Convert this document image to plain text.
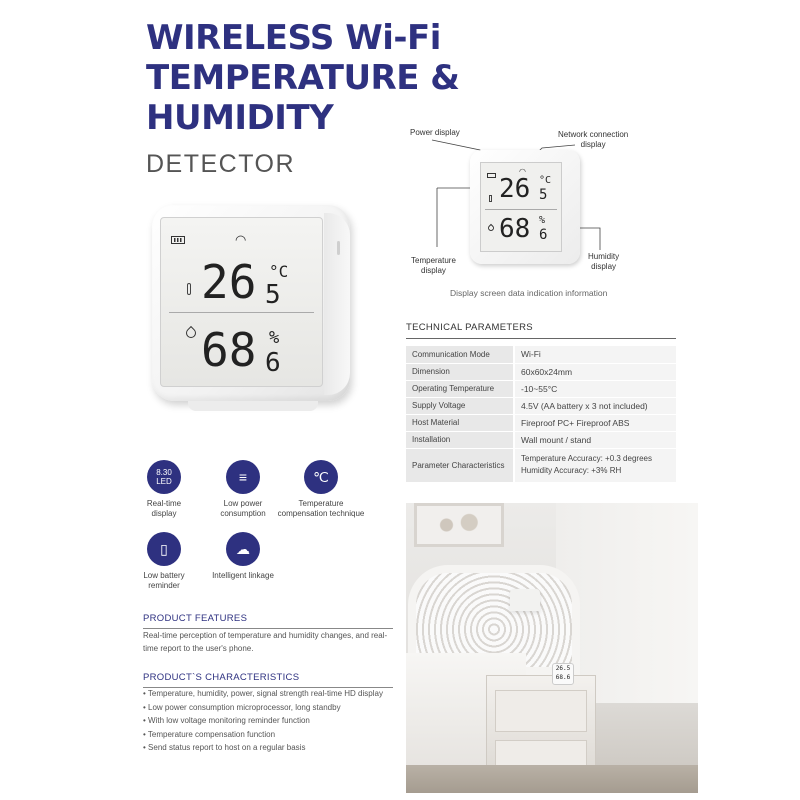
WIRELESS Wi-Fi
TEMPERATURE &
HUMIDITY
DETECTOR
◠
26 °C
5
68 %
6
Power display	Network connection
display
Temperature
display
Humidity
display
◠
26 °C
5
68 %
6
Display screen data indication information
TECHNICAL PARAMETERS
Communication Mode	Wi-Fi
Dimension	60x60x24mm
Operating Temperature	-10~55°C
Supply Voltage	4.5V (AA battery x 3 not included)
Host Material	Fireproof PC+ Fireproof ABS
Installation	Wall mount / stand
Parameter Characteristics	Temperature Accuracy: +0.3 degrees
Humidity Accuracy: +3% RH
8.30 LED
Real-time
display
≡
Low power
consumption
℃
Temperature
compensation technique
▯
Low battery
reminder
☁
Intelligent linkage
PRODUCT FEATURES
Real-time perception of temperature and humidity changes, and real-time report to the user's phone.
PRODUCT`S CHARACTERISTICS
• Temperature, humidity, power, signal strength real-time HD display
• Low power consumption microprocessor, long standby
• With low voltage monitoring reminder function
• Temperature compensation function
• Send status report to host on a regular basis
26.5
68.6
